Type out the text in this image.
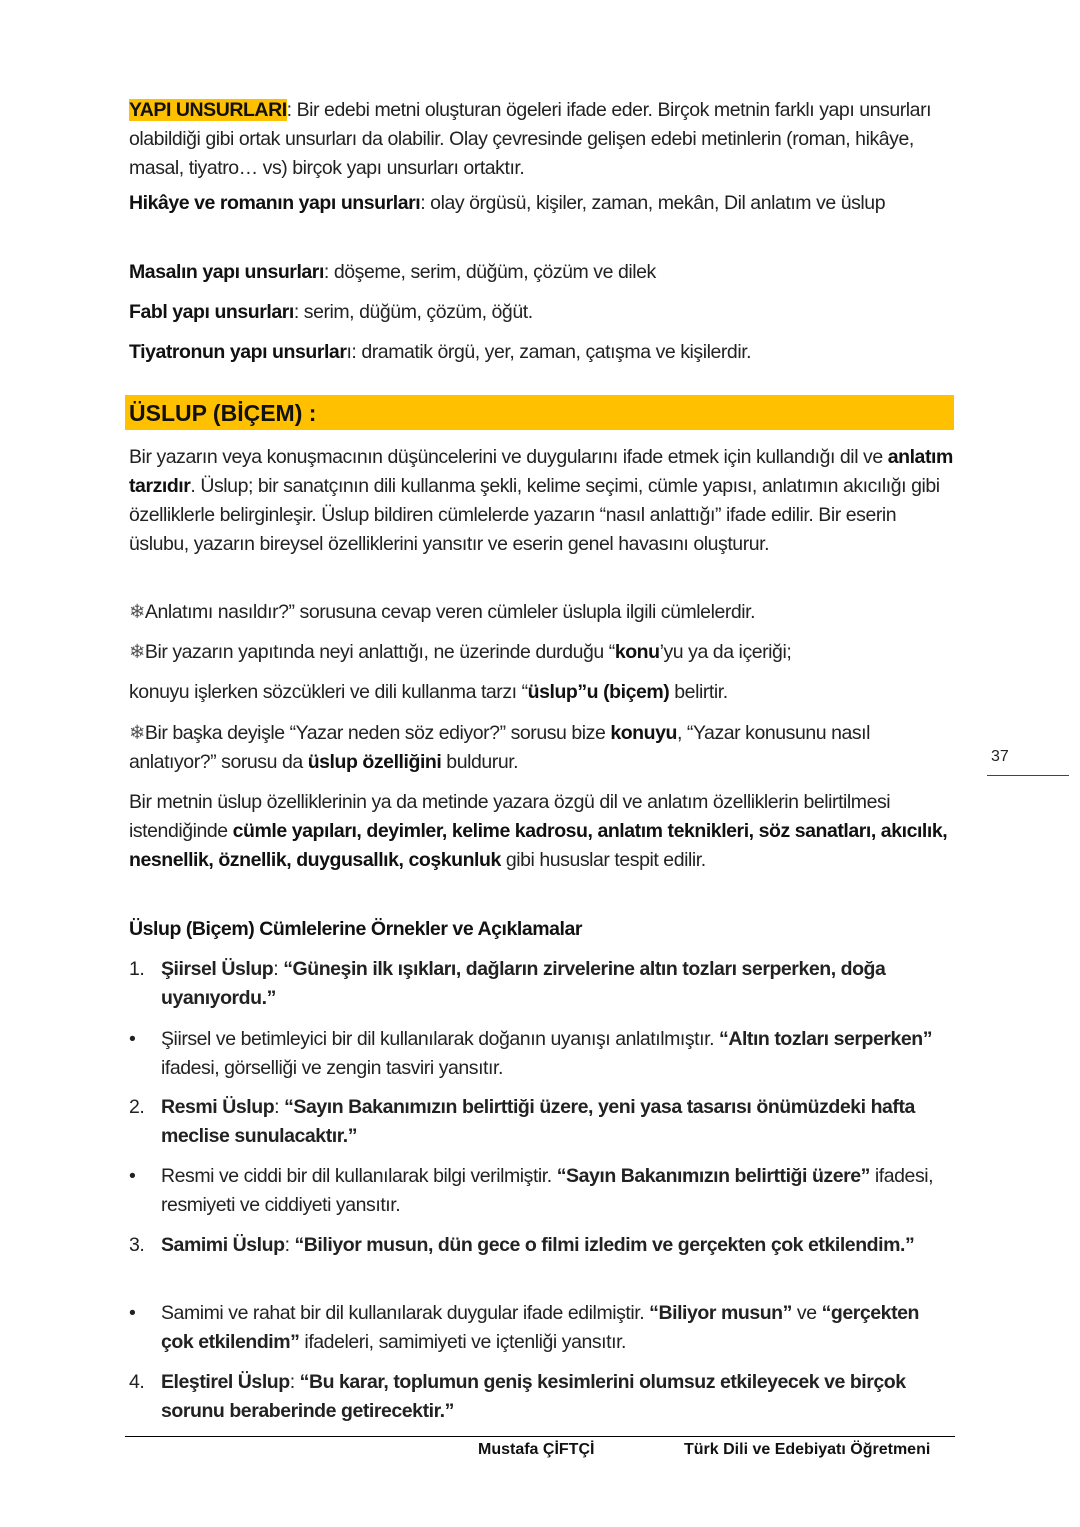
YAPI UNSURLARI: Bir edebi metni oluşturan ögeleri ifade eder. Birçok metnin farklı yapı unsurları olabildiği gibi ortak unsurları da olabilir. Olay çevresinde gelişen edebi metinlerin (roman, hikâye, masal, tiyatro… vs) birçok yapı unsurları ortaktır.
Hikâye ve romanın yapı unsurları: olay örgüsü, kişiler, zaman, mekân, Dil anlatım ve üslup
Masalın yapı unsurları: döşeme, serim, düğüm, çözüm ve dilek
Fabl yapı unsurları: serim, düğüm, çözüm, öğüt.
Tiyatronun yapı unsurları: dramatik örgü, yer, zaman, çatışma ve kişilerdir.
ÜSLUP (BİÇEM) :
Bir yazarın veya konuşmacının düşüncelerini ve duygularını ifade etmek için kullandığı dil ve anlatım tarzıdır. Üslup; bir sanatçının dili kullanma şekli, kelime seçimi, cümle yapısı, anlatımın akıcılığı gibi özelliklerle belirginleşir. Üslup bildiren cümlelerde yazarın “nasıl anlattığı” ifade edilir. Bir eserin üslubu, yazarın bireysel özelliklerini yansıtır ve eserin genel havasını oluşturur.
❄Anlatımı nasıldır?” sorusuna cevap veren cümleler üslupla ilgili cümlelerdir.
❄Bir yazarın yapıtında neyi anlattığı, ne üzerinde durduğu “konu’yu ya da içeriği;
konuyu işlerken sözcükleri ve dili kullanma tarzı “üslup”u (biçem) belirtir.
❄Bir başka deyişle “Yazar neden söz ediyor?” sorusu bize konuyu, “Yazar konusunu nasıl anlatıyor?” sorusu da üslup özelliğini buldurur.
Bir metnin üslup özelliklerinin ya da metinde yazara özgü dil ve anlatım özelliklerin belirtilmesi istendiğinde cümle yapıları, deyimler, kelime kadrosu, anlatım teknikleri, söz sanatları, akıcılık, nesnellik, öznellik, duygusallık, coşkunluk gibi hususlar tespit edilir.
Üslup (Biçem) Cümlelerine Örnekler ve Açıklamalar
1. Şiirsel Üslup: “Güneşin ilk ışıkları, dağların zirvelerine altın tozları serperken, doğa uyanıyordu.”
• Şiirsel ve betimleyici bir dil kullanılarak doğanın uyanışı anlatılmıştır. “Altın tozları serperken” ifadesi, görselliği ve zengin tasviri yansıtır.
2. Resmi Üslup: “Sayın Bakanımızın belirttiği üzere, yeni yasa tasarısı önümüzdeki hafta meclise sunulacaktır.”
• Resmi ve ciddi bir dil kullanılarak bilgi verilmiştir. “Sayın Bakanımızın belirttiği üzere” ifadesi, resmiyeti ve ciddiyeti yansıtır.
3. Samimi Üslup: “Biliyor musun, dün gece o filmi izledim ve gerçekten çok etkilendim.”
• Samimi ve rahat bir dil kullanılarak duygular ifade edilmiştir. “Biliyor musun” ve “gerçekten çok etkilendim” ifadeleri, samimiyeti ve içtenliği yansıtır.
4. Eleştirel Üslup: “Bu karar, toplumun geniş kesimlerini olumsuz etkileyecek ve birçok sorunu beraberinde getirecektir.”
37
Mustafa ÇİFTÇİ	Türk Dili ve Edebiyatı Öğretmeni
